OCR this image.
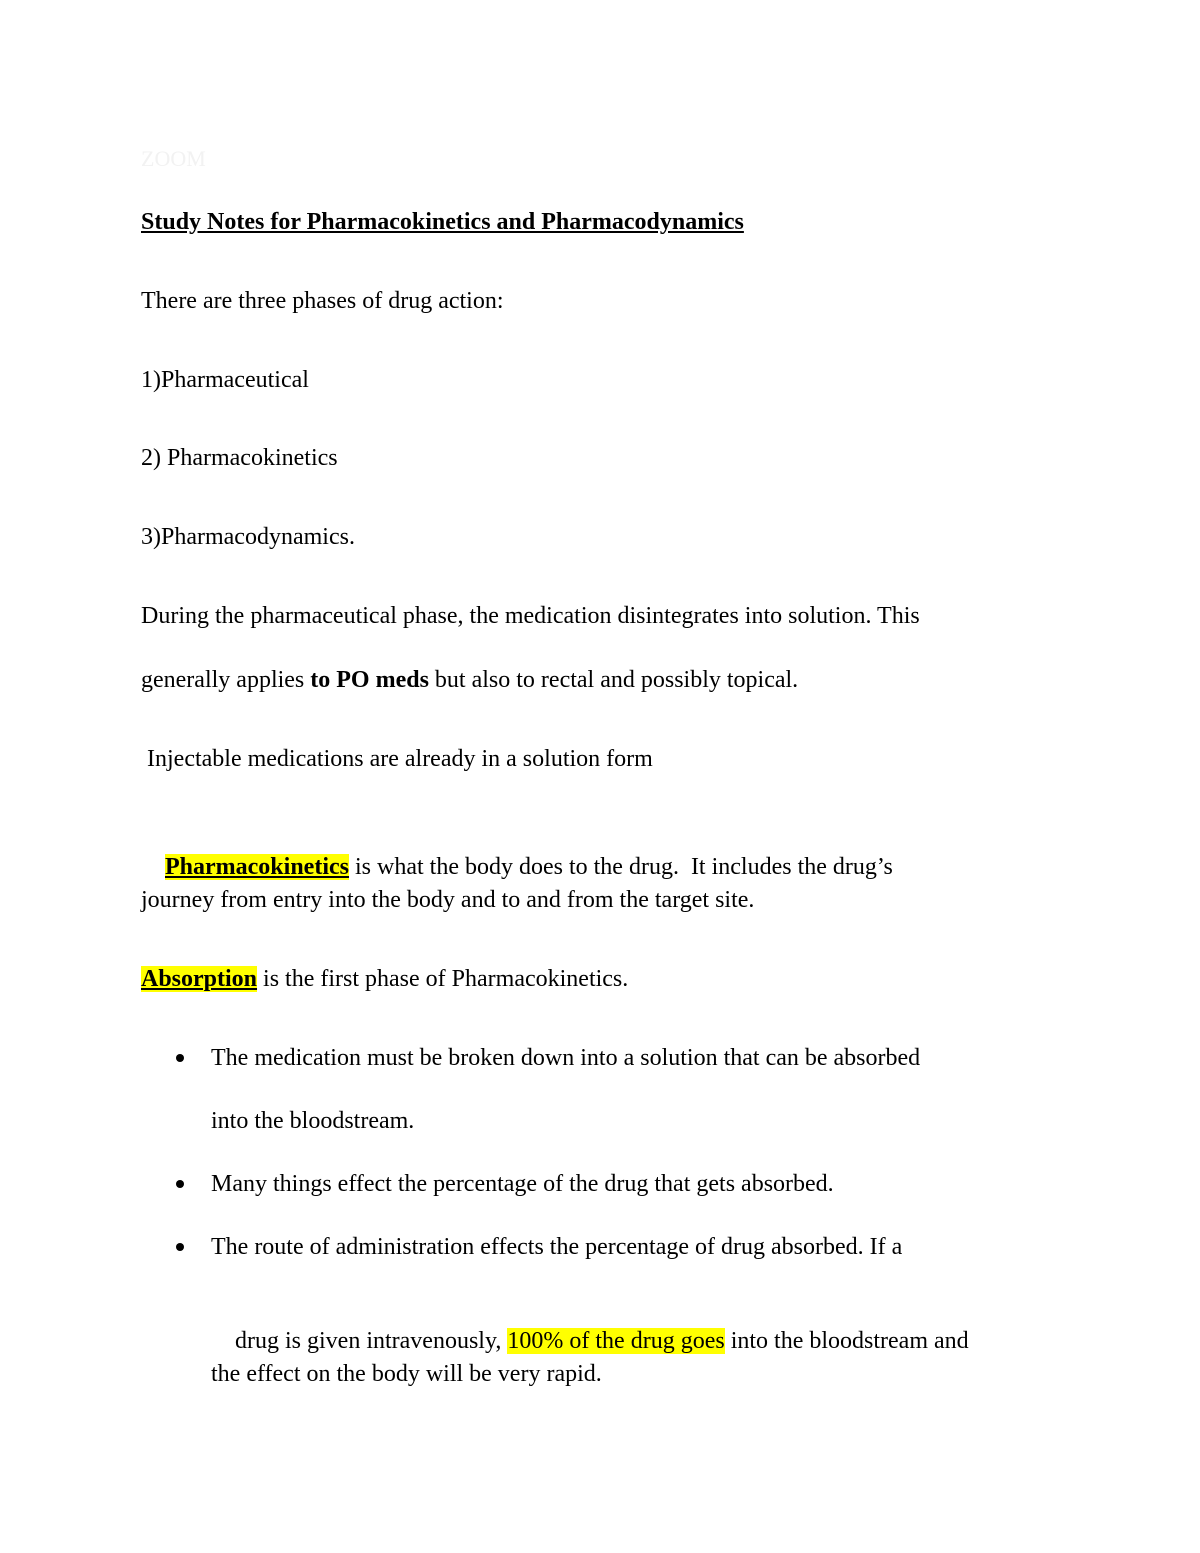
ZOOM
Study Notes for Pharmacokinetics and Pharmacodynamics
There are three phases of drug action:
1)Pharmaceutical
2) Pharmacokinetics
3)Pharmacodynamics.
During the pharmaceutical phase, the medication disintegrates into solution. This
generally applies to PO meds but also to rectal and possibly topical.
Injectable medications are already in a solution form

Pharmacokinetics is what the body does to the drug.  It includes the drug’s

journey from entry into the body and to and from the target site.
Absorption is the first phase of Pharmacokinetics.
The medication must be broken down into a solution that can be absorbed
into the bloodstream.
Many things effect the percentage of the drug that gets absorbed.
The route of administration effects the percentage of drug absorbed. If a

drug is given intravenously, 100% of the drug goes into the bloodstream and

the effect on the body will be very rapid.
